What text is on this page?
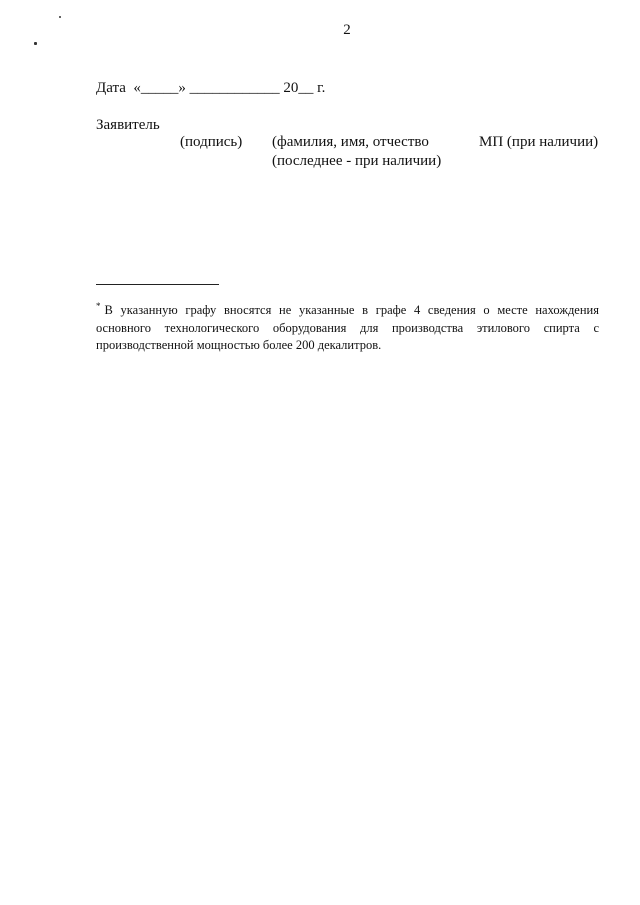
2
Дата  «_____» ____________ 20__ г.
Заявитель
(подпись) (фамилия, имя, отчество
(последнее - при наличии)
МП (при наличии)
* В указанную графу вносятся не указанные в графе 4 сведения о месте нахождения основного технологического оборудования для производства этилового спирта с производственной мощностью более 200 декалитров.
